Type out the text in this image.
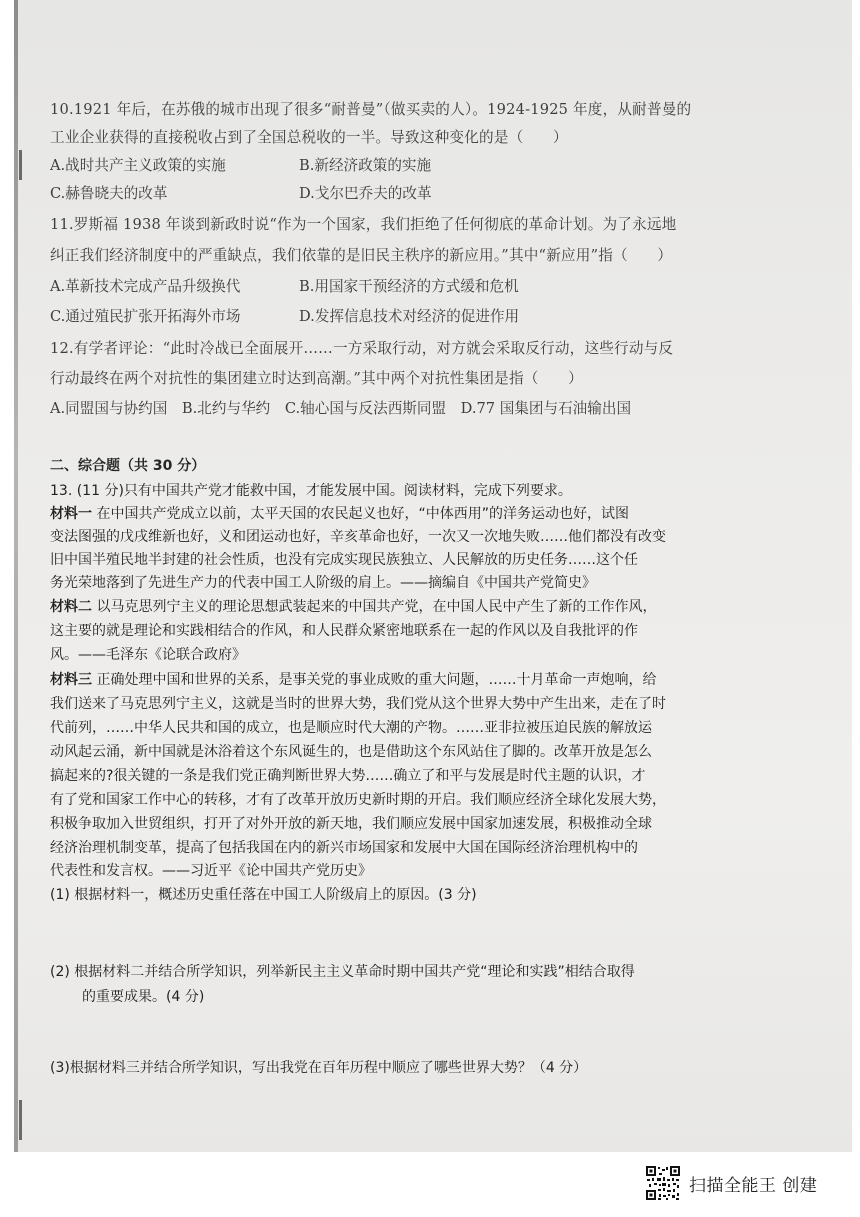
10.1921 年后，在苏俄的城市出现了很多“耐普曼”（做买卖的人）。1924-1925 年度，从耐普曼的
工业企业获得的直接税收占到了全国总税收的一半。导致这种变化的是（　　）
A.战时共产主义政策的实施	B.新经济政策的实施
C.赫鲁晓夫的改革	D.戈尔巴乔夫的改革
11.罗斯福 1938 年谈到新政时说“作为一个国家，我们拒绝了任何彻底的革命计划。为了永远地
纠正我们经济制度中的严重缺点，我们依靠的是旧民主秩序的新应用。”其中“新应用”指（　　）
A.革新技术完成产品升级换代	B.用国家干预经济的方式缓和危机
C.通过殖民扩张开拓海外市场	D.发挥信息技术对经济的促进作用
12.有学者评论：“此时冷战已全面展开……一方采取行动，对方就会采取反行动，这些行动与反
行动最终在两个对抗性的集团建立时达到高潮。”其中两个对抗性集团是指（　　）
A.同盟国与协约国　B.北约与华约　C.轴心国与反法西斯同盟　D.77 国集团与石油输出国
二、综合题（共 30 分）
13. (11 分)只有中国共产党才能救中国，才能发展中国。阅读材料，完成下列要求。
材料一 在中国共产党成立以前，太平天国的农民起义也好，“中体西用”的洋务运动也好，试图
变法图强的戊戌维新也好，义和团运动也好，辛亥革命也好，一次又一次地失败……他们都没有改变
旧中国半殖民地半封建的社会性质，也没有完成实现民族独立、人民解放的历史任务……这个任
务光荣地落到了先进生产力的代表中国工人阶级的肩上。——摘编自《中国共产党简史》
材料二 以马克思列宁主义的理论思想武装起来的中国共产党，在中国人民中产生了新的工作作风，
这主要的就是理论和实践相结合的作风，和人民群众紧密地联系在一起的作风以及自我批评的作
风。——毛泽东《论联合政府》
材料三 正确处理中国和世界的关系，是事关党的事业成败的重大问题，……十月革命一声炮响，给
我们送来了马克思列宁主义，这就是当时的世界大势，我们党从这个世界大势中产生出来，走在了时
代前列，……中华人民共和国的成立，也是顺应时代大潮的产物。……亚非拉被压迫民族的解放运
动风起云涌，新中国就是沐浴着这个东风诞生的，也是借助这个东风站住了脚的。改革开放是怎么
搞起来的?很关键的一条是我们党正确判断世界大势……确立了和平与发展是时代主题的认识，才
有了党和国家工作中心的转移，才有了改革开放历史新时期的开启。我们顺应经济全球化发展大势，
积极争取加入世贸组织，打开了对外开放的新天地，我们顺应发展中国家加速发展，积极推动全球
经济治理机制变革，提高了包括我国在内的新兴市场国家和发展中大国在国际经济治理机构中的
代表性和发言权。——习近平《论中国共产党历史》
(1) 根据材料一，概述历史重任落在中国工人阶级肩上的原因。(3 分)
(2) 根据材料二并结合所学知识，列举新民主主义革命时期中国共产党“理论和实践”相结合取得
的重要成果。(4 分)
(3)根据材料三并结合所学知识，写出我党在百年历程中顺应了哪些世界大势？（4 分）
扫描全能王 创建
